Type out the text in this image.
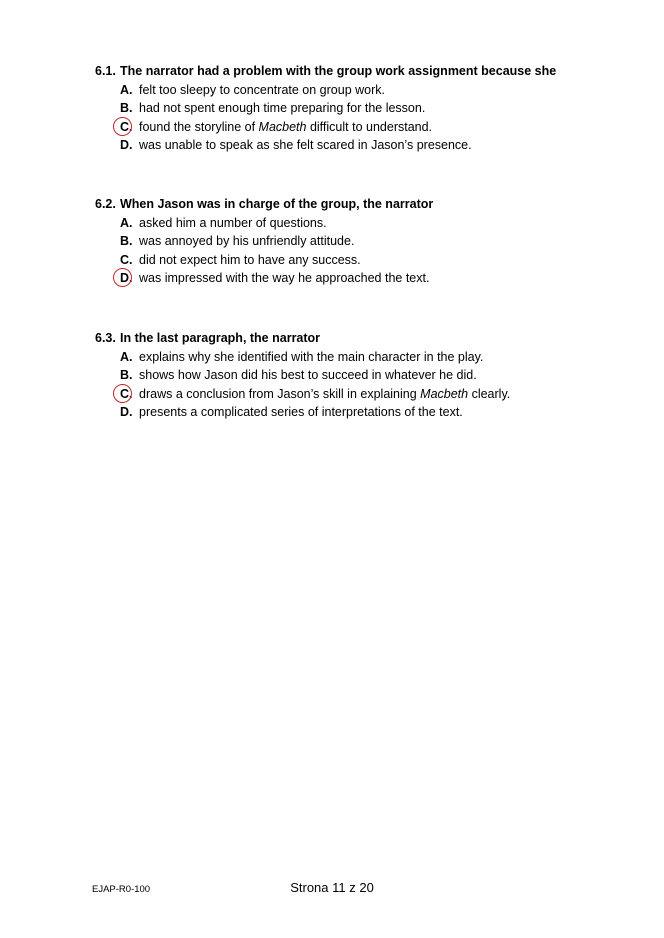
6.1. The narrator had a problem with the group work assignment because she
A. felt too sleepy to concentrate on group work.
B. had not spent enough time preparing for the lesson.
C. found the storyline of Macbeth difficult to understand.
D. was unable to speak as she felt scared in Jason’s presence.
6.2. When Jason was in charge of the group, the narrator
A. asked him a number of questions.
B. was annoyed by his unfriendly attitude.
C. did not expect him to have any success.
D. was impressed with the way he approached the text.
6.3. In the last paragraph, the narrator
A. explains why she identified with the main character in the play.
B. shows how Jason did his best to succeed in whatever he did.
C. draws a conclusion from Jason’s skill in explaining Macbeth clearly.
D. presents a complicated series of interpretations of the text.
EJAP-R0-100	Strona 11 z 20
